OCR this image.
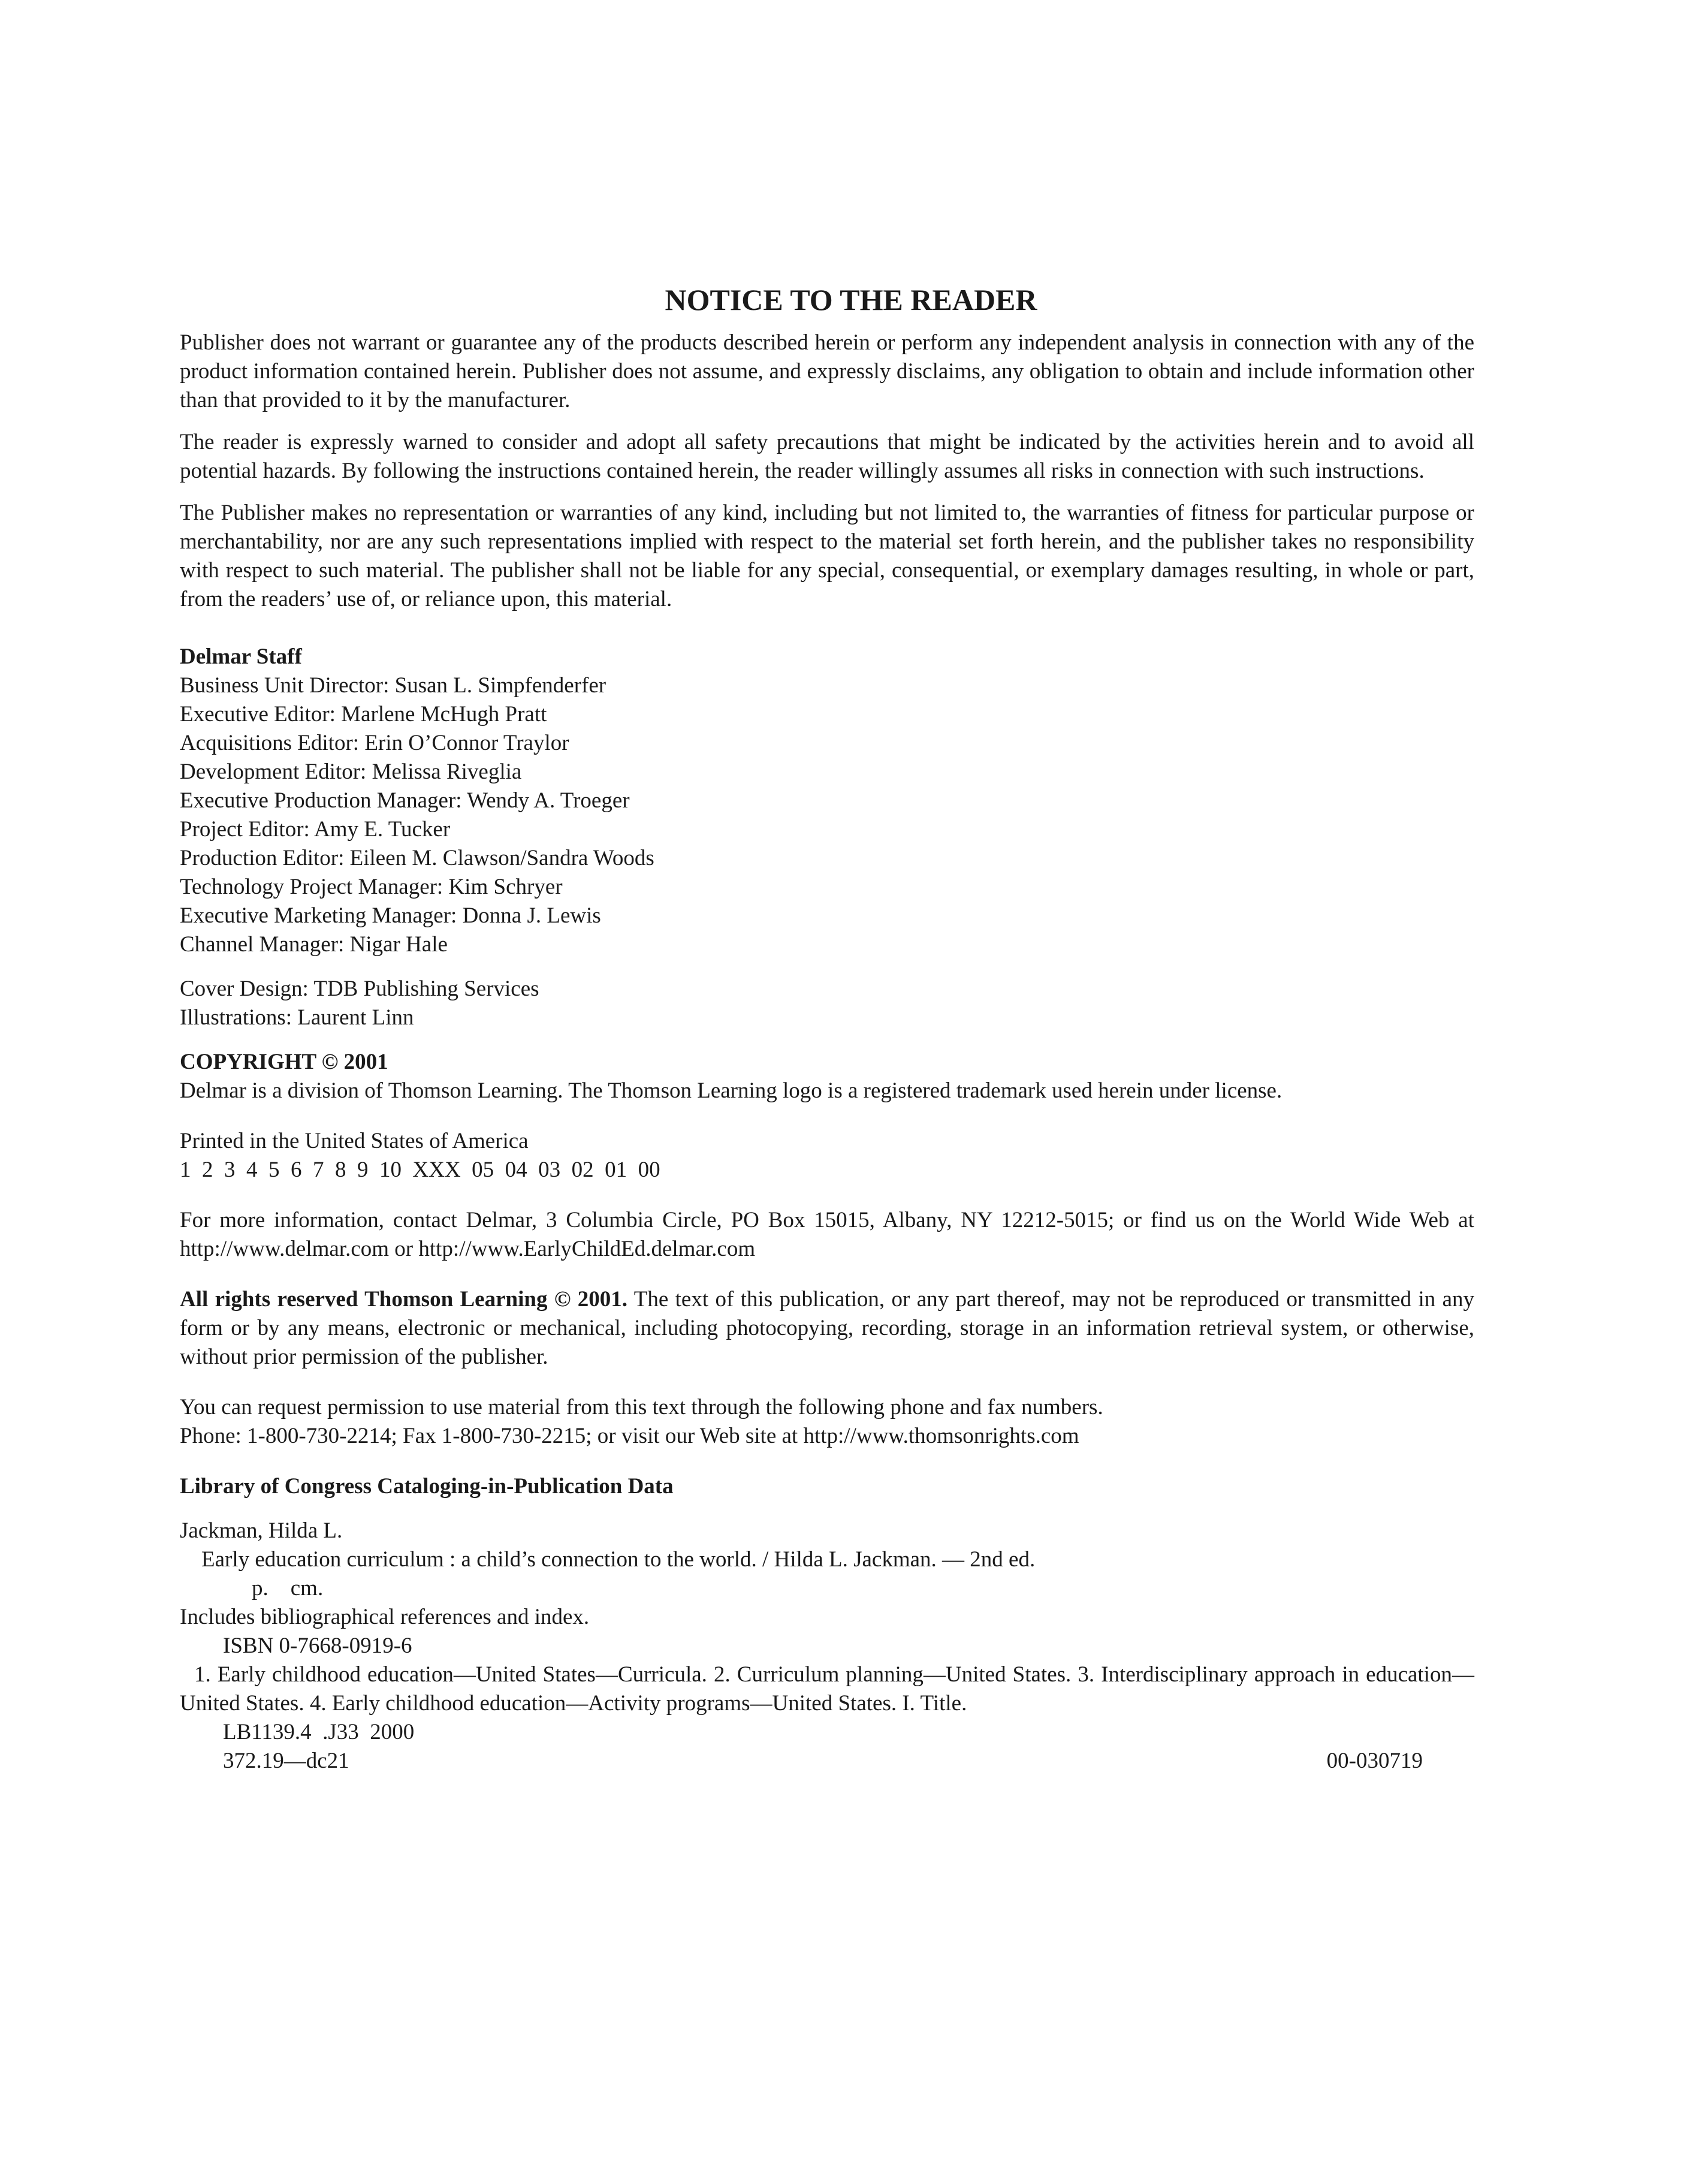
NOTICE TO THE READER

Publisher does not warrant or guarantee any of the products described herein or perform any independent analysis in connection with any of the product information contained herein. Publisher does not assume, and expressly disclaims, any obligation to obtain and include information other than that provided to it by the manufacturer.

The reader is expressly warned to consider and adopt all safety precautions that might be indicated by the activities herein and to avoid all potential hazards. By following the instructions contained herein, the reader willingly assumes all risks in connection with such instructions.

The Publisher makes no representation or warranties of any kind, including but not limited to, the warranties of fitness for particular purpose or merchantability, nor are any such representations implied with respect to the material set forth herein, and the publisher takes no responsibility with respect to such material. The publisher shall not be liable for any special, consequential, or exemplary damages resulting, in whole or part, from the readers’ use of, or reliance upon, this material.

Delmar Staff

Business Unit Director: Susan L. Simpfenderfer

Executive Editor: Marlene McHugh Pratt

Acquisitions Editor: Erin O’Connor Traylor

Development Editor: Melissa Riveglia

Executive Production Manager: Wendy A. Troeger

Project Editor: Amy E. Tucker

Production Editor: Eileen M. Clawson/Sandra Woods

Technology Project Manager: Kim Schryer

Executive Marketing Manager: Donna J. Lewis

Channel Manager: Nigar Hale

Cover Design: TDB Publishing Services

Illustrations: Laurent Linn

COPYRIGHT © 2001

Delmar is a division of Thomson Learning. The Thomson Learning logo is a registered trademark used herein under license.

Printed in the United States of America

1  2  3  4  5  6  7  8  9  10  XXX  05  04  03  02  01  00

For more information, contact Delmar, 3 Columbia Circle, PO Box 15015, Albany, NY 12212-5015; or find us on the World Wide Web at http://www.delmar.com or http://www.EarlyChildEd.delmar.com

All rights reserved Thomson Learning © 2001. The text of this publication, or any part thereof, may not be reproduced or transmitted in any form or by any means, electronic or mechanical, including photocopying, recording, storage in an information retrieval system, or otherwise, without prior permission of the publisher.

You can request permission to use material from this text through the following phone and fax numbers.

Phone: 1-800-730-2214; Fax 1-800-730-2215; or visit our Web site at http://www.thomsonrights.com

Library of Congress Cataloging-in-Publication Data

Jackman, Hilda L.

Early education curriculum : a child’s connection to the world. / Hilda L. Jackman. — 2nd ed.

p.    cm.

Includes bibliographical references and index.

ISBN 0-7668-0919-6

1. Early childhood education—United States—Curricula. 2. Curriculum planning—United States. 3. Interdisciplinary approach in education—United States. 4. Early childhood education—Activity programs—United States. I. Title.

LB1139.4  .J33  2000

372.19—dc21	00-030719
